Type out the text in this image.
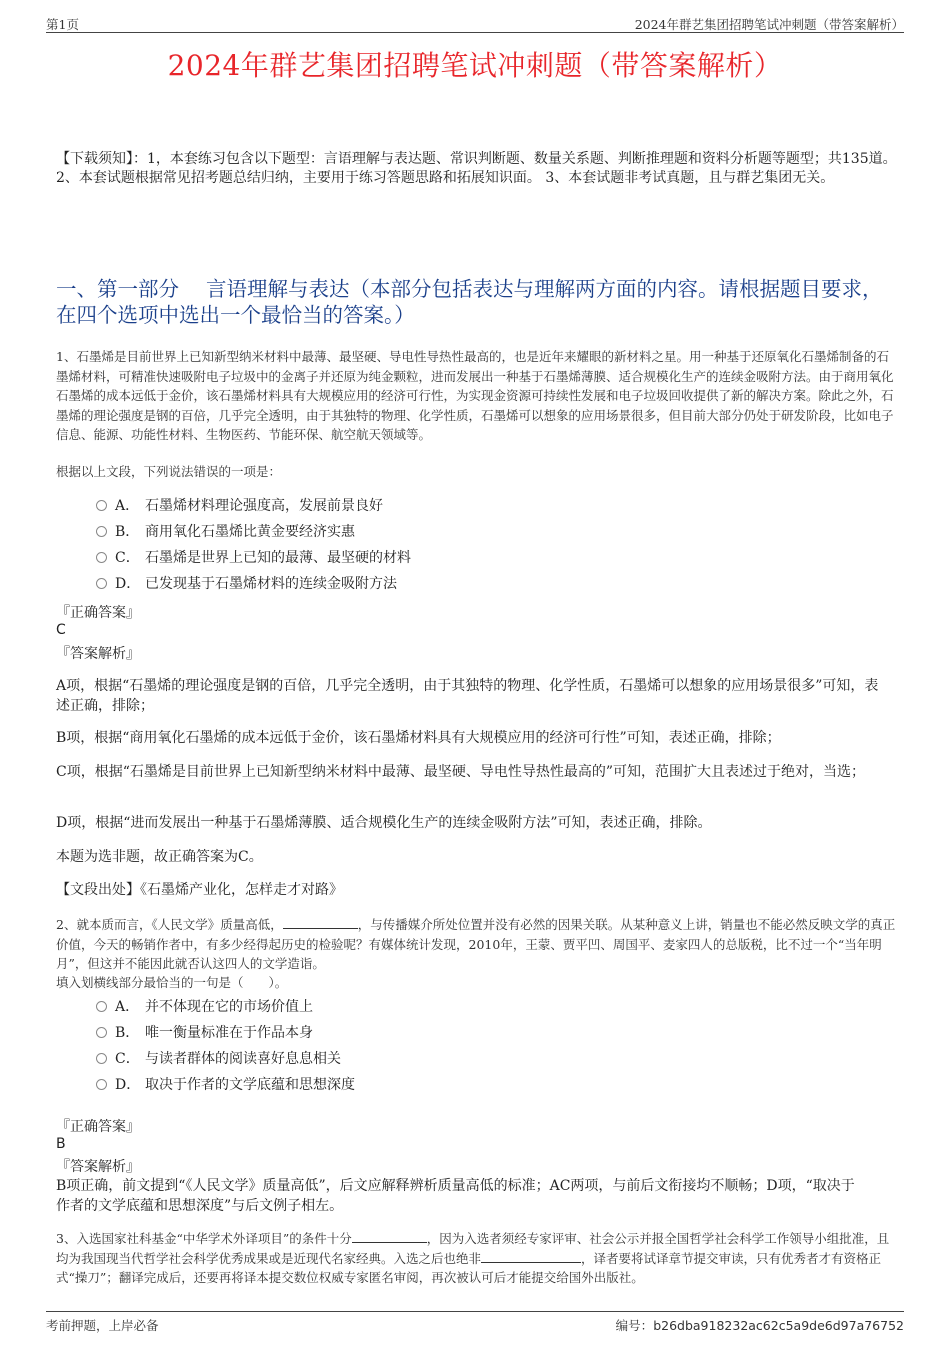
第1页	2024年群艺集团招聘笔试冲刺题（带答案解析）
2024年群艺集团招聘笔试冲刺题（带答案解析）
【下载须知】：1，本套练习包含以下题型：言语理解与表达题、常识判断题、数量关系题、判断推理题和资料分析题等题型；共135道。 2、本套试题根据常见招考题总结归纳，主要用于练习答题思路和拓展知识面。 3、本套试题非考试真题，且与群艺集团无关。
一、第一部分　 言语理解与表达（本部分包括表达与理解两方面的内容。请根据题目要求，在四个选项中选出一个最恰当的答案。）
1、石墨烯是目前世界上已知新型纳米材料中最薄、最坚硬、导电性导热性最高的，也是近年来耀眼的新材料之星。用一种基于还原氧化石墨烯制备的石墨烯材料，可精准快速吸附电子垃圾中的金离子并还原为纯金颗粒，进而发展出一种基于石墨烯薄膜、适合规模化生产的连续金吸附方法。由于商用氧化石墨烯的成本远低于金价，该石墨烯材料具有大规模应用的经济可行性，为实现金资源可持续性发展和电子垃圾回收提供了新的解决方案。除此之外，石墨烯的理论强度是钢的百倍，几乎完全透明，由于其独特的物理、化学性质，石墨烯可以想象的应用场景很多，但目前大部分仍处于研发阶段，比如电子信息、能源、功能性材料、生物医药、节能环保、航空航天领域等。
根据以上文段，下列说法错误的一项是：
A． 石墨烯材料理论强度高，发展前景良好
B． 商用氧化石墨烯比黄金要经济实惠
C． 石墨烯是世界上已知的最薄、最坚硬的材料
D． 已发现基于石墨烯材料的连续金吸附方法
『正确答案』
C
『答案解析』
A项，根据“石墨烯的理论强度是钢的百倍，几乎完全透明，由于其独特的物理、化学性质，石墨烯可以想象的应用场景很多”可知，表述正确，排除；
B项，根据“商用氧化石墨烯的成本远低于金价，该石墨烯材料具有大规模应用的经济可行性”可知，表述正确，排除；
C项，根据“石墨烯是目前世界上已知新型纳米材料中最薄、最坚硬、导电性导热性最高的”可知，范围扩大且表述过于绝对，当选；
D项，根据“进而发展出一种基于石墨烯薄膜、适合规模化生产的连续金吸附方法”可知，表述正确，排除。
本题为选非题，故正确答案为C。
【文段出处】《石墨烯产业化，怎样走才对路》
2、就本质而言，《人民文学》质量高低，	，与传播媒介所处位置并没有必然的因果关联。从某种意义上讲，销量也不能必然反映文学的真正价值，今天的畅销作者中，有多少经得起历史的检验呢？有媒体统计发现，2010年，王蒙、贾平凹、周国平、麦家四人的总版税，比不过一个“当年明月”，但这并不能因此就否认这四人的文学造诣。
填入划横线部分最恰当的一句是（　　）。
A． 并不体现在它的市场价值上
B． 唯一衡量标准在于作品本身
C． 与读者群体的阅读喜好息息相关
D． 取决于作者的文学底蕴和思想深度
『正确答案』
B
『答案解析』
B项正确，前文提到“《人民文学》质量高低”，后文应解释辨析质量高低的标准；AC两项，与前后文衔接均不顺畅；D项，“取决于作者的文学底蕴和思想深度”与后文例子相左。
3、入选国家社科基金“中华学术外译项目”的条件十分	，因为入选者须经专家评审、社会公示并报全国哲学社会科学工作领导小组批准，且均为我国现当代哲学社会科学优秀成果或是近现代名家经典。入选之后也绝非	，译者要将试译章节提交审读，只有优秀者才有资格正式“操刀”；翻译完成后，还要再将译本提交数位权威专家匿名审阅，再次被认可后才能提交给国外出版社。
考前押题，上岸必备	编号：b26dba918232ac62c5a9de6d97a76752
